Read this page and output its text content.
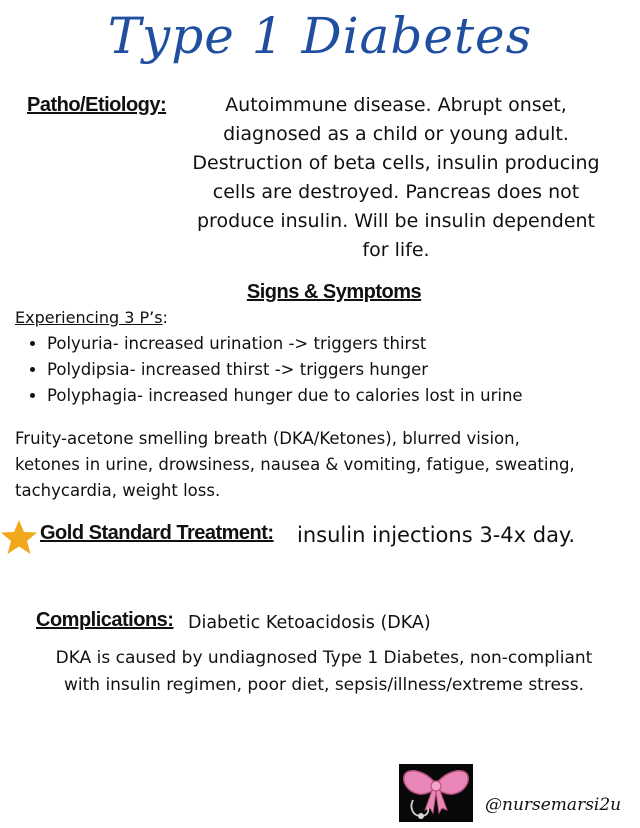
Type 1 Diabetes
Patho/Etiology:	Autoimmune disease. Abrupt onset,
diagnosed as a child or young adult.
Destruction of beta cells, insulin producing
cells are destroyed. Pancreas does not
produce insulin. Will be insulin dependent
for life.
Signs & Symptoms
Experiencing 3 P’s:
• Polyuria- increased urination -> triggers thirst
• Polydipsia- increased thirst -> triggers hunger
• Polyphagia- increased hunger due to calories lost in urine
Fruity-acetone smelling breath (DKA/Ketones), blurred vision,
ketones in urine, drowsiness, nausea & vomiting, fatigue, sweating,
tachycardia, weight loss.
Gold Standard Treatment: insulin injections 3-4x day.
Complications: Diabetic Ketoacidosis (DKA)
DKA is caused by undiagnosed Type 1 Diabetes, non-compliant
with insulin regimen, poor diet, sepsis/illness/extreme stress.
@nursemarsi2u
